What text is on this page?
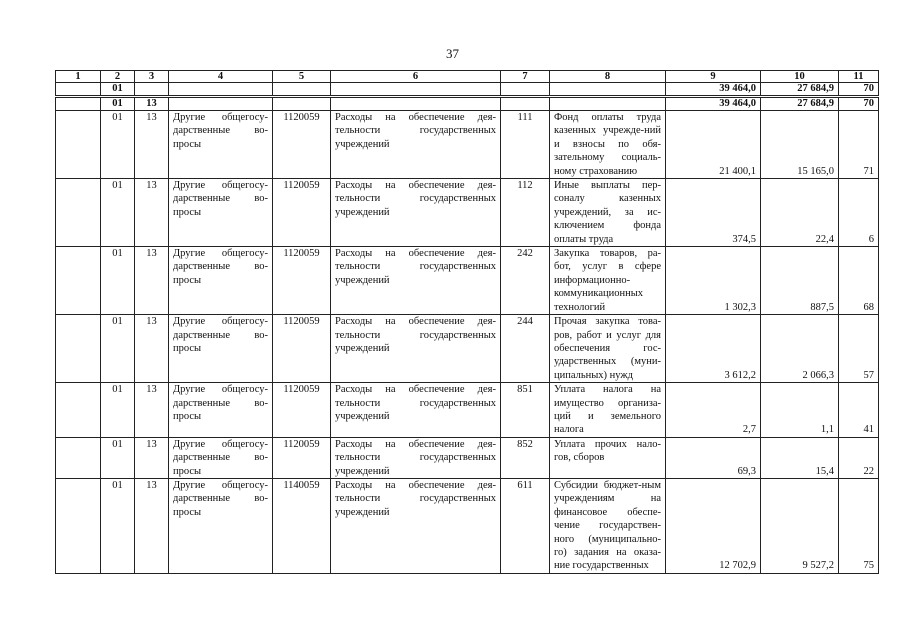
37
1	2	3	4	5	6	7	8	9	10	11
	01							39 464,0	27 684,9	70
	01	13						39 464,0	27 684,9	70
	01	13	Другие общегосу-дарственные во-просы	1120059	Расходы на обеспечение дея-тельности государственных учреждений	111	Фонд оплаты труда казенных учрежде-ний и взносы по обя-зательному социаль-ному страхованию	21 400,1	15 165,0	71
	01	13	Другие общегосу-дарственные во-просы	1120059	Расходы на обеспечение дея-тельности государственных учреждений	112	Иные выплаты пер-соналу казенных учреждений, за ис-ключением фонда оплаты труда	374,5	22,4	6
	01	13	Другие общегосу-дарственные во-просы	1120059	Расходы на обеспечение дея-тельности государственных учреждений	242	Закупка товаров, ра-бот, услуг в сфере информационно-коммуникационных технологий	1 302,3	887,5	68
	01	13	Другие общегосу-дарственные во-просы	1120059	Расходы на обеспечение дея-тельности государственных учреждений	244	Прочая закупка това-ров, работ и услуг для обеспечения гос-ударственных (муни-ципальных) нужд	3 612,2	2 066,3	57
	01	13	Другие общегосу-дарственные во-просы	1120059	Расходы на обеспечение дея-тельности государственных учреждений	851	Уплата налога на имущество организа-ций и земельного налога	2,7	1,1	41
	01	13	Другие общегосу-дарственные во-просы	1120059	Расходы на обеспечение дея-тельности государственных учреждений	852	Уплата прочих нало-гов, сборов	69,3	15,4	22
	01	13	Другие общегосу-дарственные во-просы	1140059	Расходы на обеспечение дея-тельности государственных учреждений	611	Субсидии бюджет-ным учреждениям на финансовое обеспе-чение государствен-ного (муниципально-го) задания на оказа-ние государственных	12 702,9	9 527,2	75
